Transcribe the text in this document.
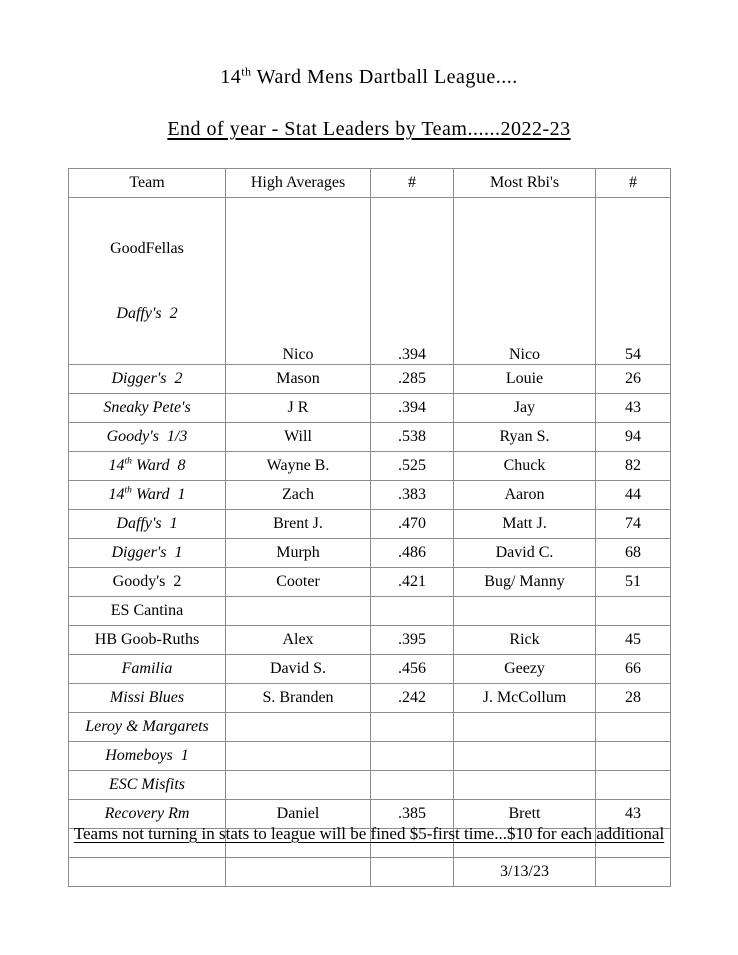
14th Ward Mens Dartball League....
End of year - Stat Leaders by Team......2022-23
Team	High Averages	#	Most Rbi's	#

GoodFellas

Daffy's  2	Nico	.394	Nico	54
Digger's  2	Mason	.285	Louie	26
Sneaky Pete's	J R	.394	Jay	43
Goody's  1/3	Will	.538	Ryan S.	94
14th Ward  8	Wayne B.	.525	Chuck	82
14th Ward  1	Zach	.383	Aaron	44
Daffy's  1	Brent J.	.470	Matt J.	74
Digger's  1	Murph	.486	David C.	68
Goody's  2	Cooter	.421	Bug/ Manny	51
ES Cantina				
HB Goob-Ruths	Alex	.395	Rick	45
Familia	David S.	.456	Geezy	66
Missi Blues	S. Branden	.242	J. McCollum	28
Leroy & Margarets				
Homeboys  1				
ESC Misfits				
Recovery Rm	Daniel	.385	Brett	43

			3/13/23	
Teams not turning in stats to league will be fined $5-first time...$10 for each additional
